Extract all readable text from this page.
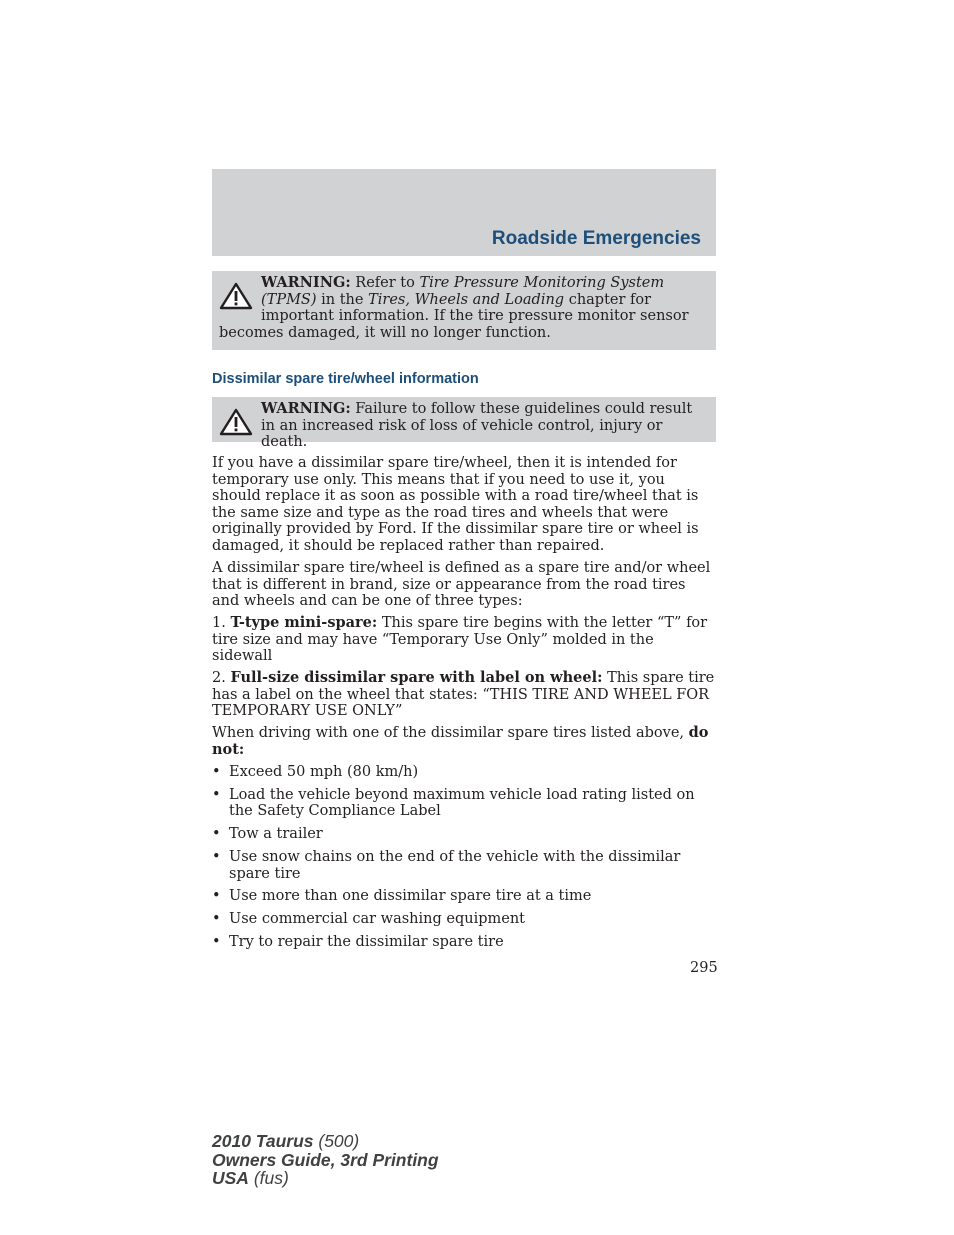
Roadside Emergencies
WARNING: Refer to Tire Pressure Monitoring System (TPMS) in the Tires, Wheels and Loading chapter for important information. If the tire pressure monitor sensor becomes damaged, it will no longer function.
Dissimilar spare tire/wheel information
WARNING: Failure to follow these guidelines could result in an increased risk of loss of vehicle control, injury or death.

If you have a dissimilar spare tire/wheel, then it is intended for temporary use only. This means that if you need to use it, you should replace it as soon as possible with a road tire/wheel that is the same size and type as the road tires and wheels that were originally provided by Ford. If the dissimilar spare tire or wheel is damaged, it should be replaced rather than repaired.

A dissimilar spare tire/wheel is defined as a spare tire and/or wheel that is different in brand, size or appearance from the road tires and wheels and can be one of three types:

1. T-type mini-spare: This spare tire begins with the letter “T” for tire size and may have “Temporary Use Only” molded in the sidewall

2. Full-size dissimilar spare with label on wheel: This spare tire has a label on the wheel that states: “THIS TIRE AND WHEEL FOR TEMPORARY USE ONLY”

When driving with one of the dissimilar spare tires listed above, do not:

• Exceed 50 mph (80 km/h)
• Load the vehicle beyond maximum vehicle load rating listed on the Safety Compliance Label
• Tow a trailer
• Use snow chains on the end of the vehicle with the dissimilar spare tire
• Use more than one dissimilar spare tire at a time
• Use commercial car washing equipment
• Try to repair the dissimilar spare tire
295
2010 Taurus (500)
Owners Guide, 3rd Printing
USA (fus)
